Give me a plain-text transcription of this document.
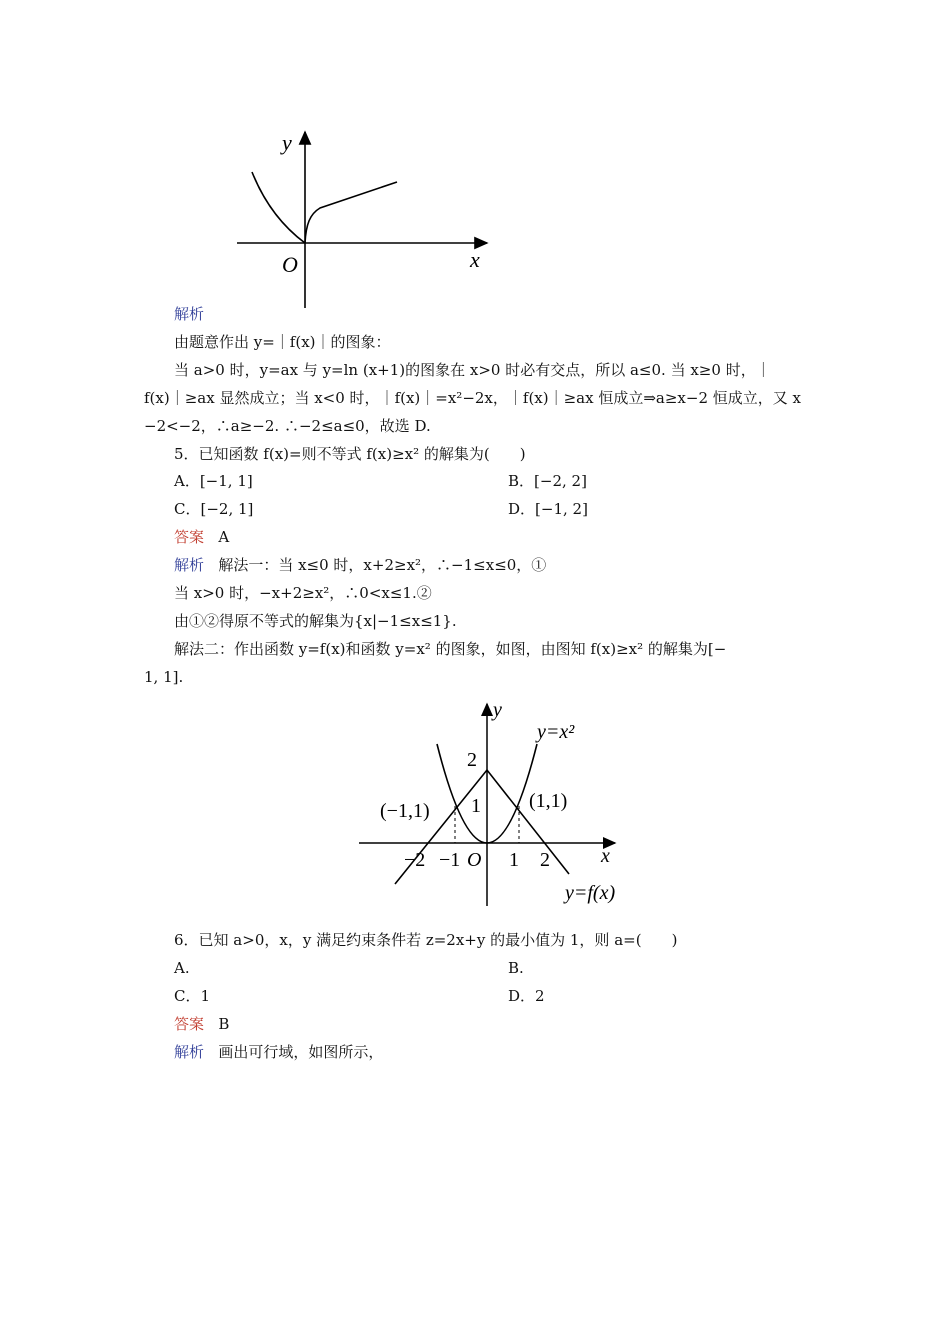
y
x
O
解析
由题意作出 y=｜f(x)｜的图象：
当 a>0 时，y=ax 与 y=ln (x+1)的图象在 x>0 时必有交点，所以 a≤0. 当 x≥0 时，｜
f(x)｜≥ax 显然成立；当 x<0 时，｜f(x)｜=x²−2x，｜f(x)｜≥ax 恒成立⇒a≥x−2 恒成立，又 x
−2<−2，∴a≥−2. ∴−2≤a≤0，故选 D.
5．已知函数 f(x)=则不等式 f(x)≥x² 的解集为(　　)
A．[−1, 1]	B．[−2, 2]
C．[−2, 1]	D．[−1, 2]
答案 A
解析 解法一：当 x≤0 时，x+2≥x²，∴−1≤x≤0，①
当 x>0 时，−x+2≥x²，∴0<x≤1.②
由①②得原不等式的解集为{x|−1≤x≤1}.
解法二：作出函数 y=f(x)和函数 y=x² 的图象，如图，由图知 f(x)≥x² 的解集为[−
1, 1].
y
x
O
y=x²
y=f(x)
(−1,1)	(1,1)
2
1
−2 −1 1 2
6．已知 a>0，x，y 满足约束条件若 z=2x+y 的最小值为 1，则 a=(　　)
A.	B.
C．1	D．2
答案 B
解析 画出可行域，如图所示，
